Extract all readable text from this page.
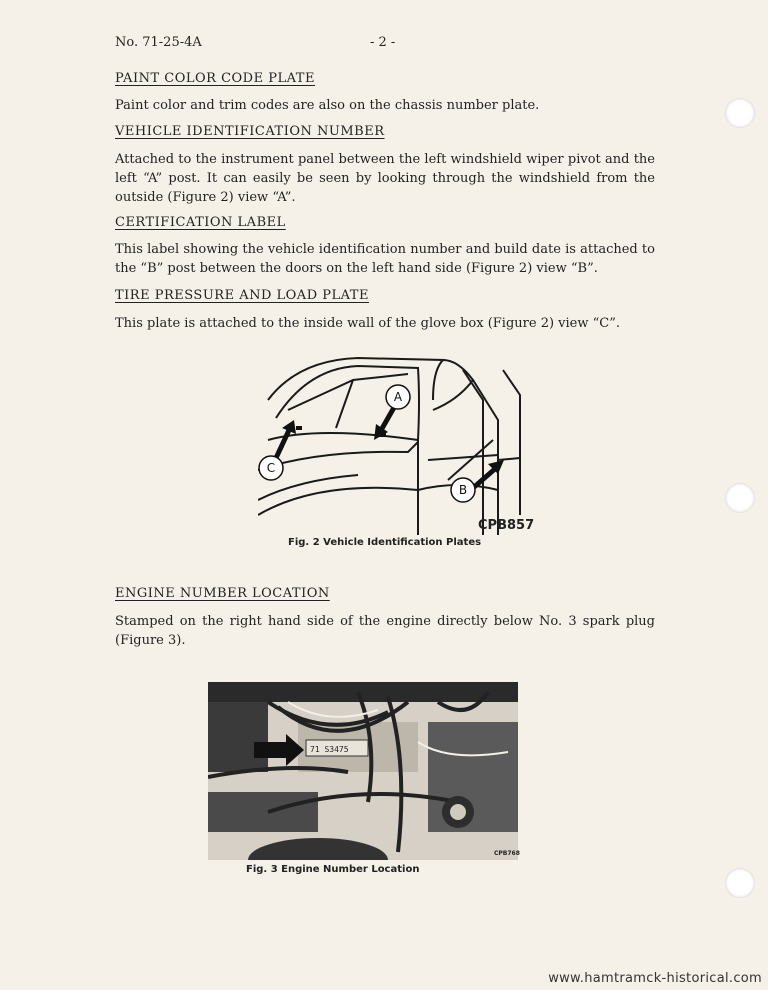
No. 71-25-4A	- 2 -
PAINT COLOR CODE PLATE

Paint color and trim codes are also on the chassis number plate.

VEHICLE IDENTIFICATION NUMBER

Attached to the instrument panel between the left windshield wiper pivot and the left “A” post. It can easily be seen by looking through the windshield from the outside (Figure 2) view “A”.

CERTIFICATION LABEL

This label showing the vehicle identification number and build date is attached to the “B” post between the doors on the left hand side (Figure 2) view “B”.

TIRE PRESSURE AND LOAD PLATE

This plate is attached to the inside wall of the glove box (Figure 2) view “C”.

A
C
B
CPB857
Fig. 2 Vehicle Identification Plates
ENGINE NUMBER LOCATION

Stamped on the right hand side of the engine directly below No. 3 spark plug (Figure 3).

71 S3475
CPB768
Fig. 3 Engine Number Location
www.hamtramck-historical.com
